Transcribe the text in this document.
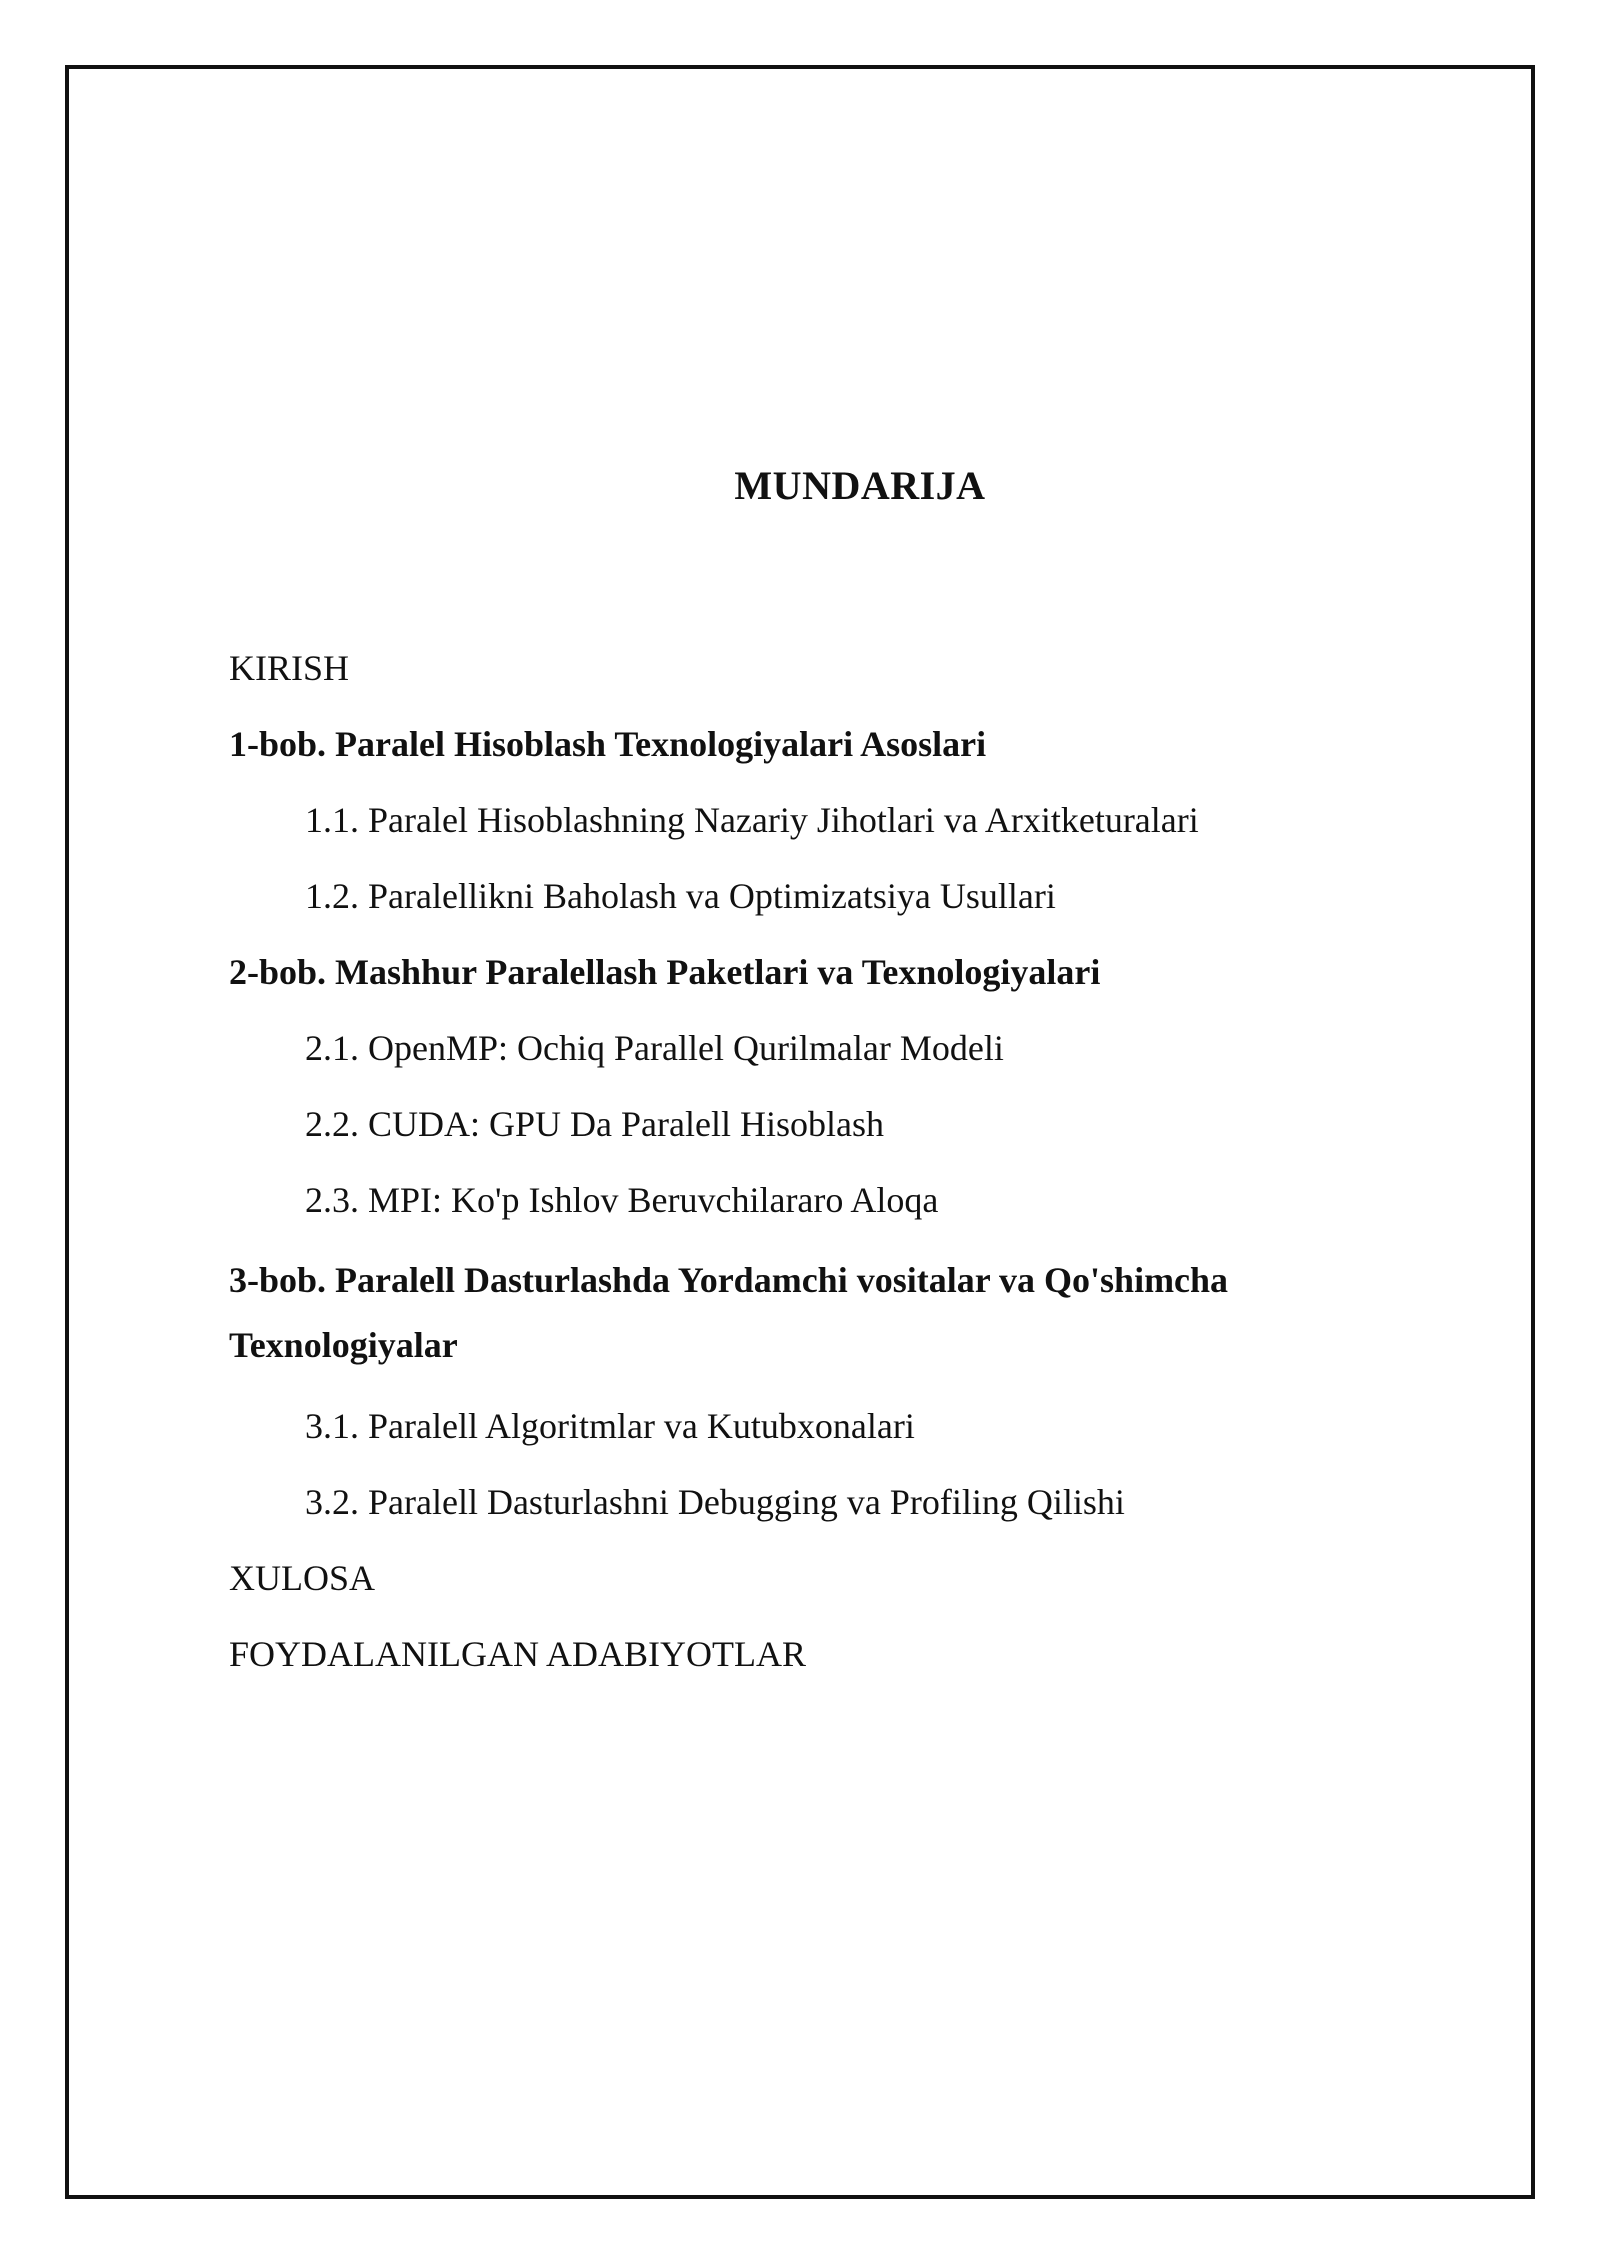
MUNDARIJA
KIRISH
1-bob. Paralel Hisoblash Texnologiyalari Asoslari
1.1. Paralel Hisoblashning Nazariy Jihotlari va Arxitketuralari
1.2. Paralellikni Baholash va Optimizatsiya Usullari
2-bob. Mashhur Paralellash Paketlari va Texnologiyalari
2.1. OpenMP: Ochiq Parallel Qurilmalar Modeli
2.2. CUDA: GPU Da Paralell Hisoblash
2.3. MPI: Ko'p Ishlov Beruvchilararo Aloqa
3-bob. Paralell Dasturlashda Yordamchi vositalar va Qo'shimcha Texnologiyalar
3.1. Paralell Algoritmlar va Kutubxonalari
3.2. Paralell Dasturlashni Debugging va Profiling Qilishi
XULOSA
FOYDALANILGAN ADABIYOTLAR
